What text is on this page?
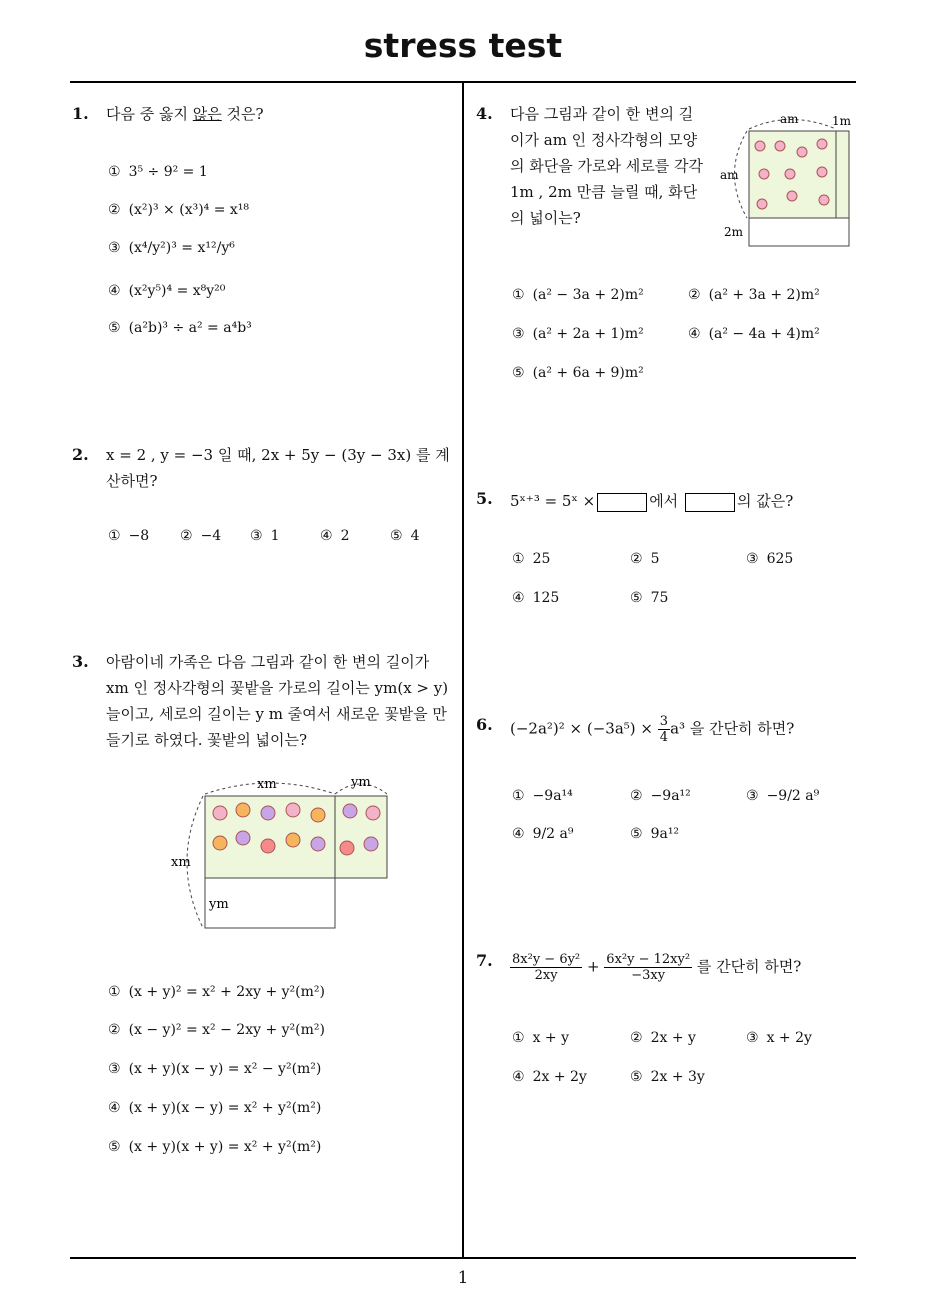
stress test
1. 다음 중 옳지 않은 것은?
① 3⁵ ÷ 9² = 1
② (x²)³ × (x³)⁴ = x¹⁸
③ (x⁴/y²)³ = x¹²/y⁶
④ (x²y⁵)⁴ = x⁸y²⁰
⑤ (a²b)³ ÷ a² = a⁴b³
2. x = 2 , y = −3 일 때, 2x + 5y − (3y − 3x) 를 계산하면?
① −8 ② −4 ③ 1	④ 2	⑤ 4
3. 아람이네 가족은 다음 그림과 같이 한 변의 길이가 xm 인 정사각형의 꽃밭을 가로의 길이는 ym(x > y) 늘이고, 세로의 길이는 y m 줄여서 새로운 꽃밭을 만들기로 하였다. 꽃밭의 넓이는?
xm	ym
xm
ym
① (x + y)² = x² + 2xy + y²(m²)
② (x − y)² = x² − 2xy + y²(m²)
③ (x + y)(x − y) = x² − y²(m²)
④ (x + y)(x − y) = x² + y²(m²)
⑤ (x + y)(x + y) = x² + y²(m²)
4. 다음 그림과 같이 한 변의 길이가 am 인 정사각형의 모양의 화단을 가로와 세로를 각각 1m , 2m 만큼 늘릴 때, 화단의 넓이는?
am	1m
am
2m
① (a² − 3a + 2)m²	② (a² + 3a + 2)m²
③ (a² + 2a + 1)m²	④ (a² − 4a + 4)m²
⑤ (a² + 6a + 9)m²
5. 5ˣ⁺³ = 5ˣ ×	에서	의 값은?
① 25	② 5	③ 625
④ 125	⑤ 75
6. $(-2a^2)^2 \times (-3a^5) \times \frac{3}{4} a^3$ 을 간단히 하면?
① −9a¹⁴	② −9a¹²	③ −9/2 a⁹
④ 9/2 a⁹	⑤ 9a¹²
7. $\frac{\text{8x²y − 6y²}}{2xy} + \frac{\text{6x²y − 12xy²}}{-3xy}$ 를 간단히 하면?
① x + y	② 2x + y	③ x + 2y
④ 2x + 2y	⑤ 2x + 3y
1
